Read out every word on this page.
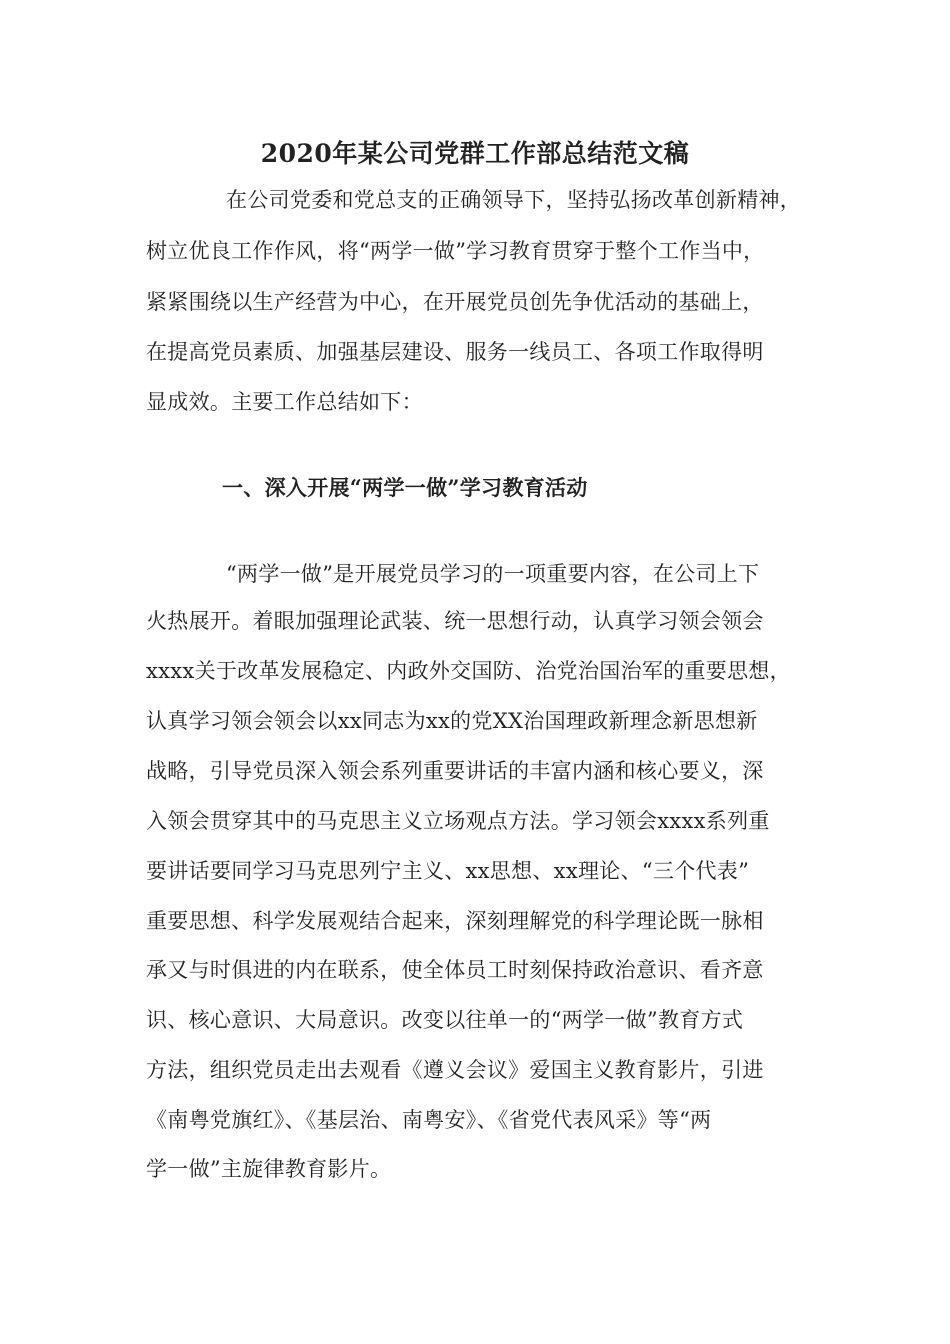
2020年某公司党群工作部总结范文稿

在公司党委和党总支的正确领导下，坚持弘扬改革创新精神，

树立优良工作作风，将“两学一做”学习教育贯穿于整个工作当中，

紧紧围绕以生产经营为中心，在开展党员创先争优活动的基础上，

在提高党员素质、加强基层建设、服务一线员工、各项工作取得明

显成效。主要工作总结如下：

一、深入开展“两学一做”学习教育活动

“两学一做”是开展党员学习的一项重要内容，在公司上下

火热展开。着眼加强理论武装、统一思想行动，认真学习领会领会

xxxx关于改革发展稳定、内政外交国防、治党治国治军的重要思想，

认真学习领会领会以xx同志为xx的党XX治国理政新理念新思想新

战略，引导党员深入领会系列重要讲话的丰富内涵和核心要义，深

入领会贯穿其中的马克思主义立场观点方法。学习领会xxxx系列重

要讲话要同学习马克思列宁主义、xx思想、xx理论、“三个代表”

重要思想、科学发展观结合起来，深刻理解党的科学理论既一脉相

承又与时俱进的内在联系，使全体员工时刻保持政治意识、看齐意

识、核心意识、大局意识。改变以往单一的“两学一做”教育方式

方法，组织党员走出去观看《遵义会议》爱国主义教育影片，引进

《南粤党旗红》、《基层治、南粤安》、《省党代表风采》等“两

学一做”主旋律教育影片。
